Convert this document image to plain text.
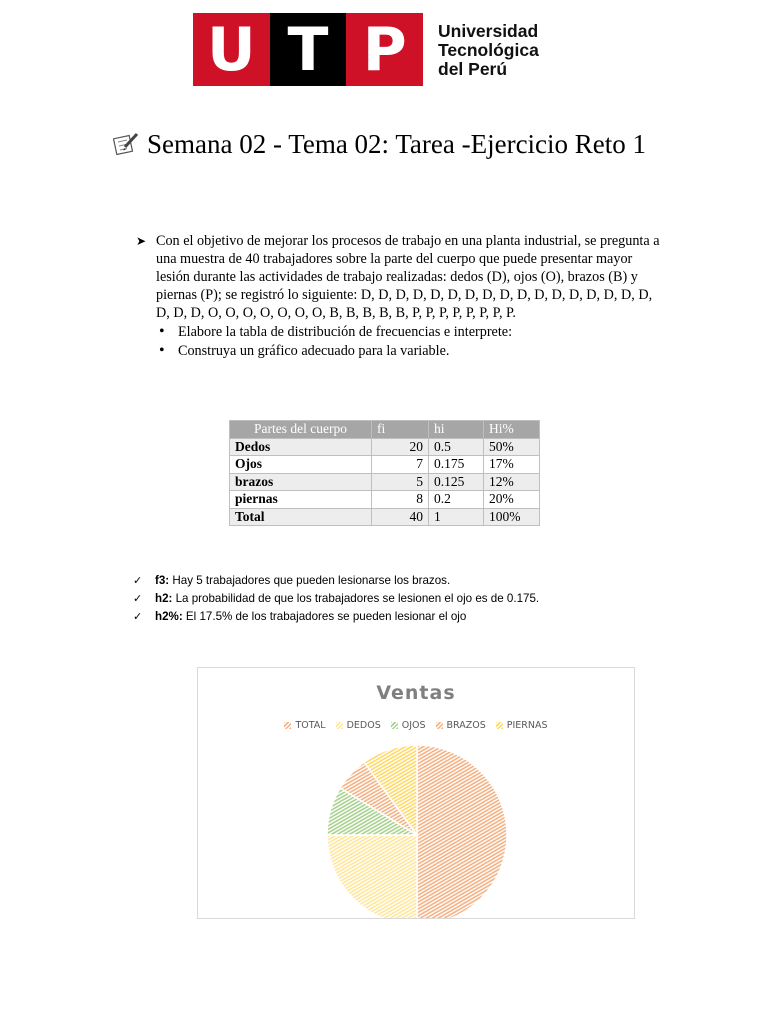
U T P	Universidad
Tecnológica
del Perú
Semana 02 - Tema 02: Tarea -Ejercicio Reto 1
➤ Con el objetivo de mejorar los procesos de trabajo en una planta industrial, se pregunta a una muestra de 40 trabajadores sobre la parte del cuerpo que puede presentar mayor lesión durante las actividades de trabajo realizadas: dedos (D), ojos (O), brazos (B) y piernas (P); se registró lo siguiente: D, D, D, D, D, D, D, D, D, D, D, D, D, D, D, D, D, D, D, D, O, O, O, O, O, O, O, B, B, B, B, B, P, P, P, P, P, P, P, P.
• Elabore la tabla de distribución de frecuencias e interprete:
• Construya un gráfico adecuado para la variable.
Partes del cuerpo	fi	hi	Hi%
Dedos	20	0.5	50%
Ojos	7	0.175	17%
brazos	5	0.125	12%
piernas	8	0.2	20%
Total	40	1	100%
✓ f3: Hay 5 trabajadores que pueden lesionarse los brazos.
✓ h2: La probabilidad de que los trabajadores se lesionen el ojo es de 0.175.
✓ h2%: El 17.5% de los trabajadores se pueden lesionar el ojo
Ventas
TOTAL DEDOS OJOS BRAZOS PIERNAS
